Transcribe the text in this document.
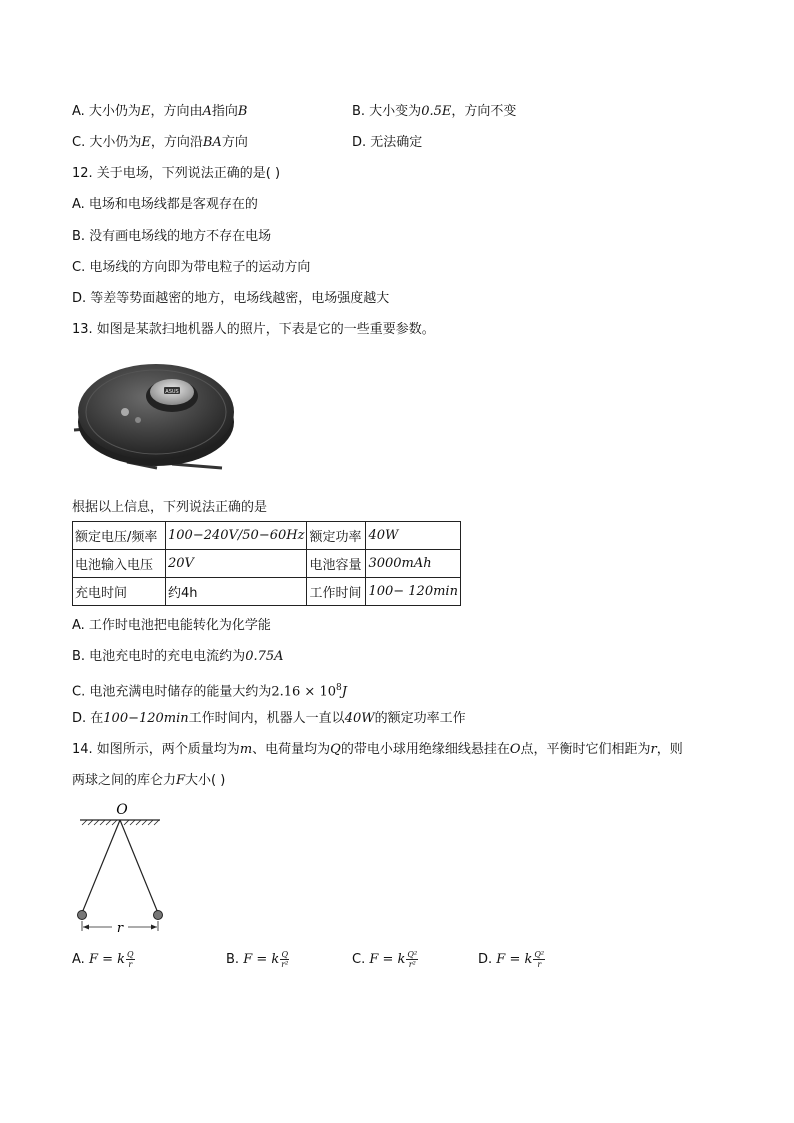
A. 大小仍为E，方向由A指向B	B. 大小变为0.5E，方向不变
C. 大小仍为E，方向沿BA方向	D. 无法确定
12. 关于电场，下列说法正确的是( )
A. 电场和电场线都是客观存在的
B. 没有画电场线的地方不存在电场
C. 电场线的方向即为带电粒子的运动方向
D. 等差等势面越密的地方，电场线越密，电场强度越大
13. 如图是某款扫地机器人的照片，下表是它的一些重要参数。
ASUS
根据以上信息，下列说法正确的是
额定电压/频率	100−240V/50−60Hz	额定功率	40W
电池输入电压	20V	电池容量	3000mAh
充电时间	约4h	工作时间	100− 120min
A. 工作时电池把电能转化为化学能
B. 电池充电时的充电电流约为0.75A
C. 电池充满电时储存的能量大约为$2.16 \times 10^8J$
D. 在100−120min工作时间内，机器人一直以40W的额定功率工作
14. 如图所示，两个质量均为m、电荷量均为Q的带电小球用绝缘细线悬挂在O点，平衡时它们相距为r，则
两球之间的库仑力F大小( )
O
r
A. F = k $\frac{Q}{r}$	B. F = k $\frac{Q}{\text{r²}}$	C. F = k $\frac{\text{Q²}}{\text{r²}}$	D. F = k $\frac{\text{Q²}}{r}$
